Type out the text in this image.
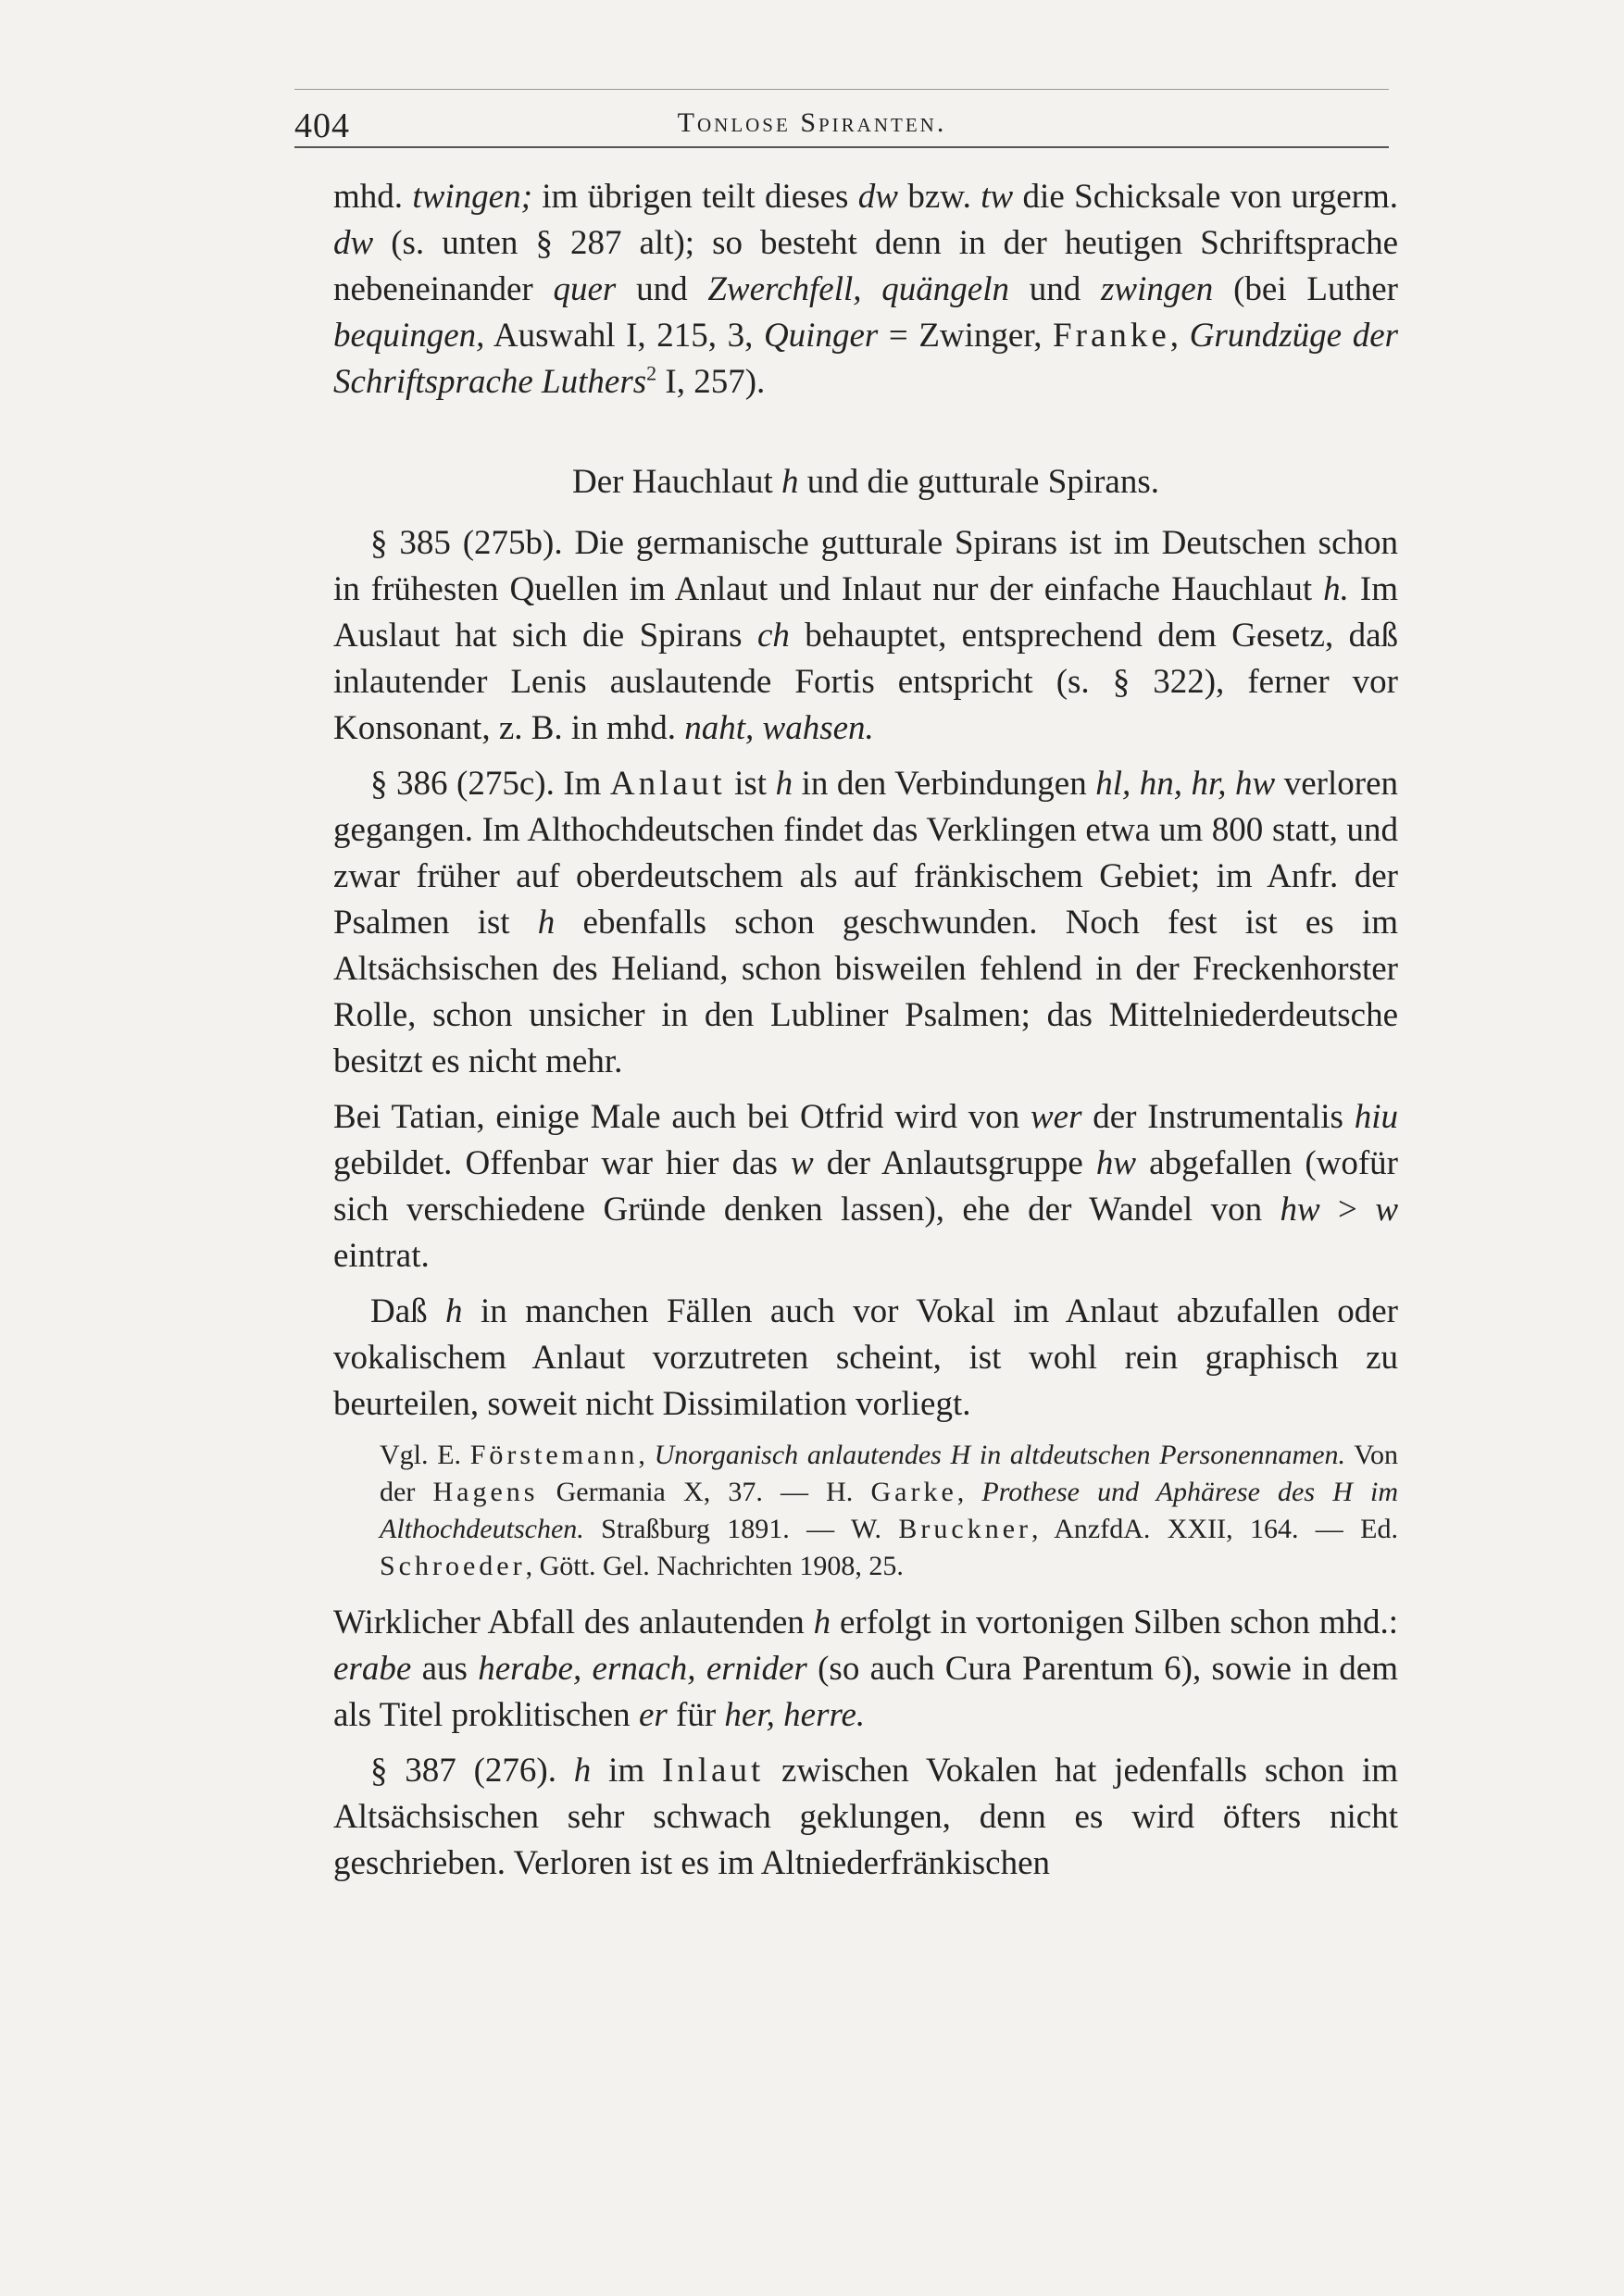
404	Tonlose Spiranten.

mhd. twingen; im übrigen teilt dieses dw bzw. tw die Schicksale von urgerm. dw (s. unten § 287 alt); so besteht denn in der heutigen Schriftsprache nebeneinander quer und Zwerchfell, quängeln und zwingen (bei Luther bequingen, Auswahl I, 215, 3, Quinger = Zwinger, Franke, Grundzüge der Schriftsprache Luthers$^2$ I, 257).

Der Hauchlaut h und die gutturale Spirans.

§ 385 (275b). Die germanische gutturale Spirans ist im Deutschen schon in frühesten Quellen im Anlaut und Inlaut nur der einfache Hauchlaut h. Im Auslaut hat sich die Spirans ch behauptet, entsprechend dem Gesetz, daß inlautender Lenis auslautende Fortis entspricht (s. § 322), ferner vor Konsonant, z. B. in mhd. naht, wahsen.

§ 386 (275c). Im Anlaut ist h in den Verbindungen hl, hn, hr, hw verloren gegangen. Im Althochdeutschen findet das Verklingen etwa um 800 statt, und zwar früher auf oberdeutschem als auf fränkischem Gebiet; im Anfr. der Psalmen ist h ebenfalls schon geschwunden. Noch fest ist es im Altsächsischen des Heliand, schon bisweilen fehlend in der Freckenhorster Rolle, schon unsicher in den Lubliner Psalmen; das Mittelniederdeutsche besitzt es nicht mehr.

Bei Tatian, einige Male auch bei Otfrid wird von wer der Instrumentalis hiu gebildet. Offenbar war hier das w der Anlautsgruppe hw abgefallen (wofür sich verschiedene Gründe denken lassen), ehe der Wandel von hw > w eintrat.

Daß h in manchen Fällen auch vor Vokal im Anlaut abzufallen oder vokalischem Anlaut vorzutreten scheint, ist wohl rein graphisch zu beurteilen, soweit nicht Dissimilation vorliegt.

Vgl. E. Förstemann, Unorganisch anlautendes H in altdeutschen Personennamen. Von der Hagens Germania X, 37. — H. Garke, Prothese und Aphärese des H im Althochdeutschen. Straßburg 1891. — W. Bruckner, AnzfdA. XXII, 164. — Ed. Schroeder, Gött. Gel. Nachrichten 1908, 25.

Wirklicher Abfall des anlautenden h erfolgt in vortonigen Silben schon mhd.: erabe aus herabe, ernach, ernider (so auch Cura Parentum 6), sowie in dem als Titel proklitischen er für her, herre.

§ 387 (276). h im Inlaut zwischen Vokalen hat jedenfalls schon im Altsächsischen sehr schwach geklungen, denn es wird öfters nicht geschrieben. Verloren ist es im Altniederfränkischen
